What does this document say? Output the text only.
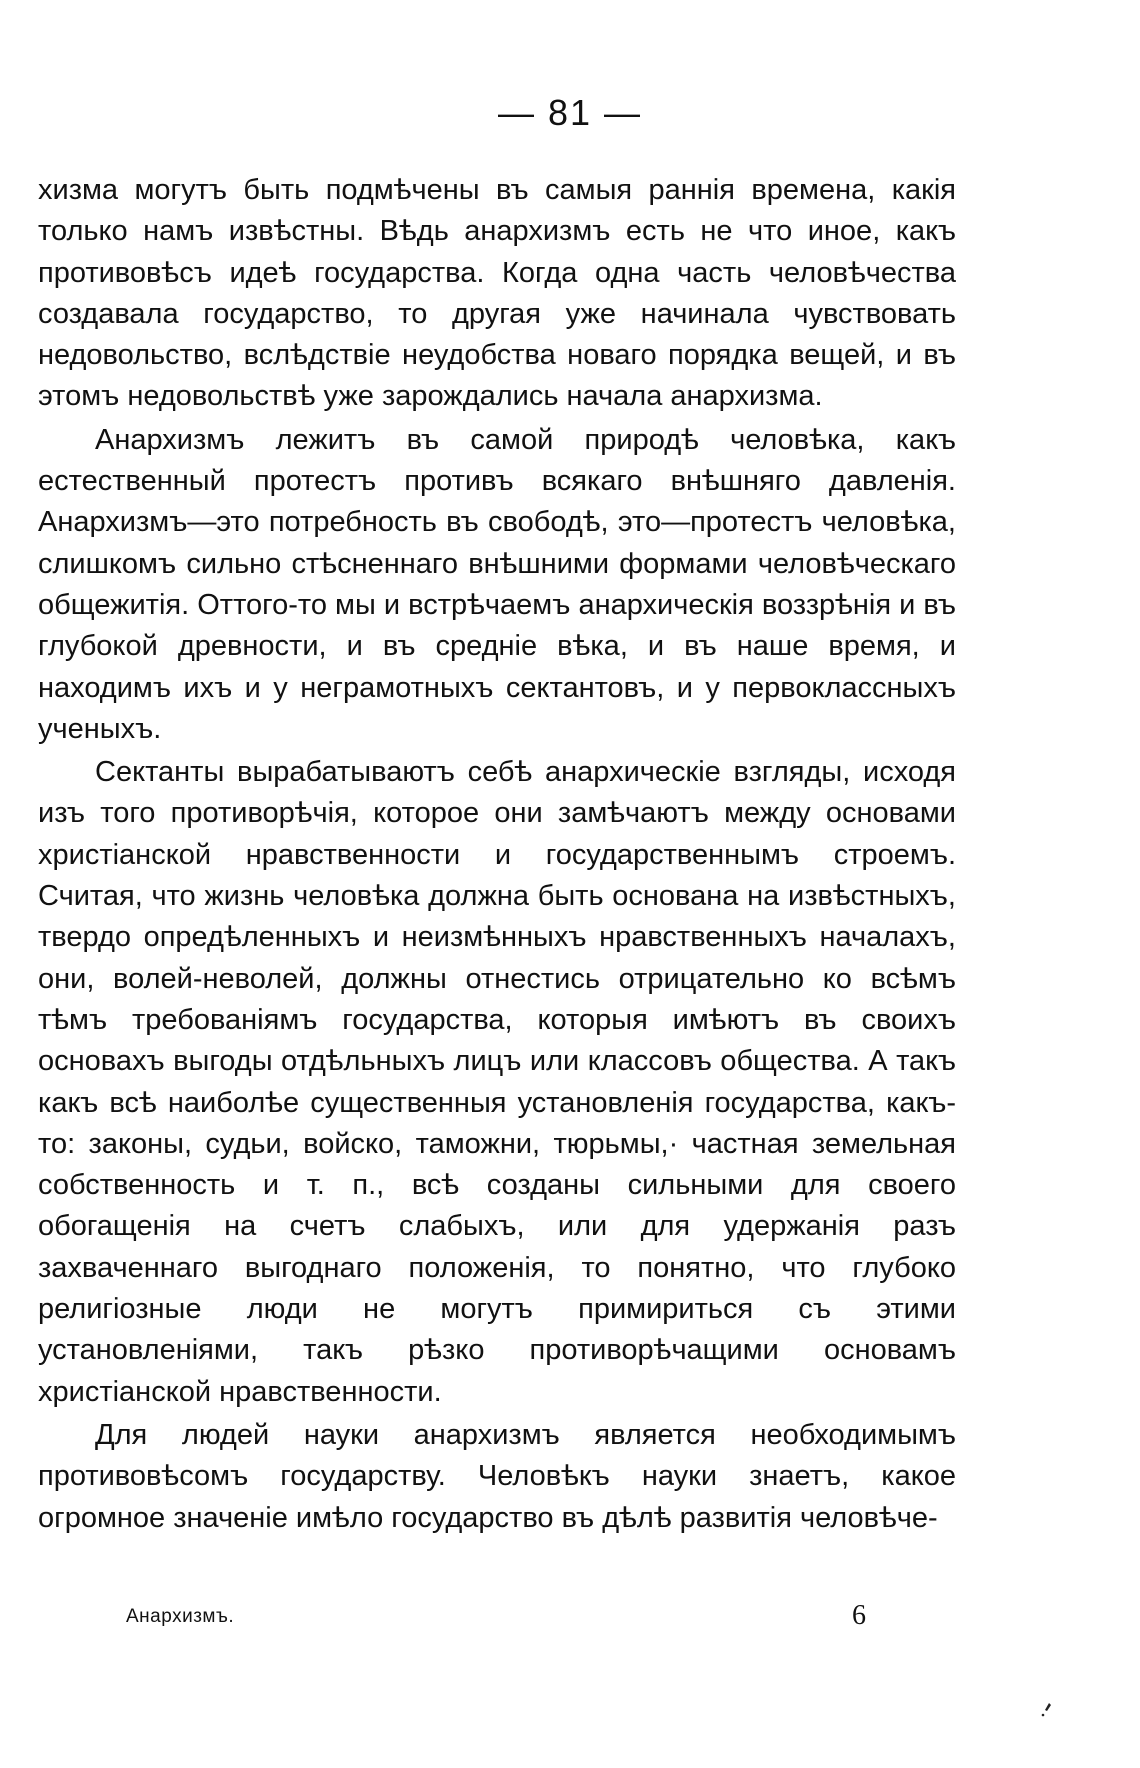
— 81 —

хизма могутъ быть подмѣчены въ самыя раннія времена, какія только намъ извѣстны. Вѣдь анархизмъ есть не что иное, какъ противовѣсъ идеѣ государства. Когда одна часть человѣчества создавала государство, то другая уже начинала чувствовать недовольство, вслѣдствіе неудобства новаго порядка вещей, и въ этомъ недовольствѣ уже зарождались начала анархизма.

Анархизмъ лежитъ въ самой природѣ человѣка, какъ естественный протестъ противъ всякаго внѣшняго давленія. Анархизмъ—это потребность въ свободѣ, это—протестъ человѣка, слишкомъ сильно стѣсненнаго внѣшними формами человѣческаго общежитія. Оттого-то мы и встрѣчаемъ анархическія воззрѣнія и въ глубокой древности, и въ средніе вѣка, и въ наше время, и находимъ ихъ и у неграмотныхъ сектантовъ, и у первоклассныхъ ученыхъ.

Сектанты вырабатываютъ себѣ анархическіе взгляды, исходя изъ того противорѣчія, которое они замѣчаютъ между основами христіанской нравственности и государственнымъ строемъ. Считая, что жизнь человѣка должна быть основана на извѣстныхъ, твердо опредѣленныхъ и неизмѣнныхъ нравственныхъ началахъ, они, волей-неволей, должны отнестись отрицательно ко всѣмъ тѣмъ требованіямъ государства, которыя имѣютъ въ своихъ основахъ выгоды отдѣльныхъ лицъ или классовъ общества. А такъ какъ всѣ наиболѣе существенныя установленія государства, какъ-то: законы, судьи, войско, таможни, тюрьмы,· частная земельная собственность и т. п., всѣ созданы сильными для своего обогащенія на счетъ слабыхъ, или для удержанія разъ захваченнаго выгоднаго положенія, то понятно, что глубоко религіозные люди не могутъ примириться съ этими установленіями, такъ рѣзко противорѣчащими основамъ христіанской нравственности.

Для людей науки анархизмъ является необходимымъ противовѣсомъ государству. Человѣкъ науки знаетъ, какое огромное значеніе имѣло государство въ дѣлѣ развитія человѣче-

Анархизмъ.	6
